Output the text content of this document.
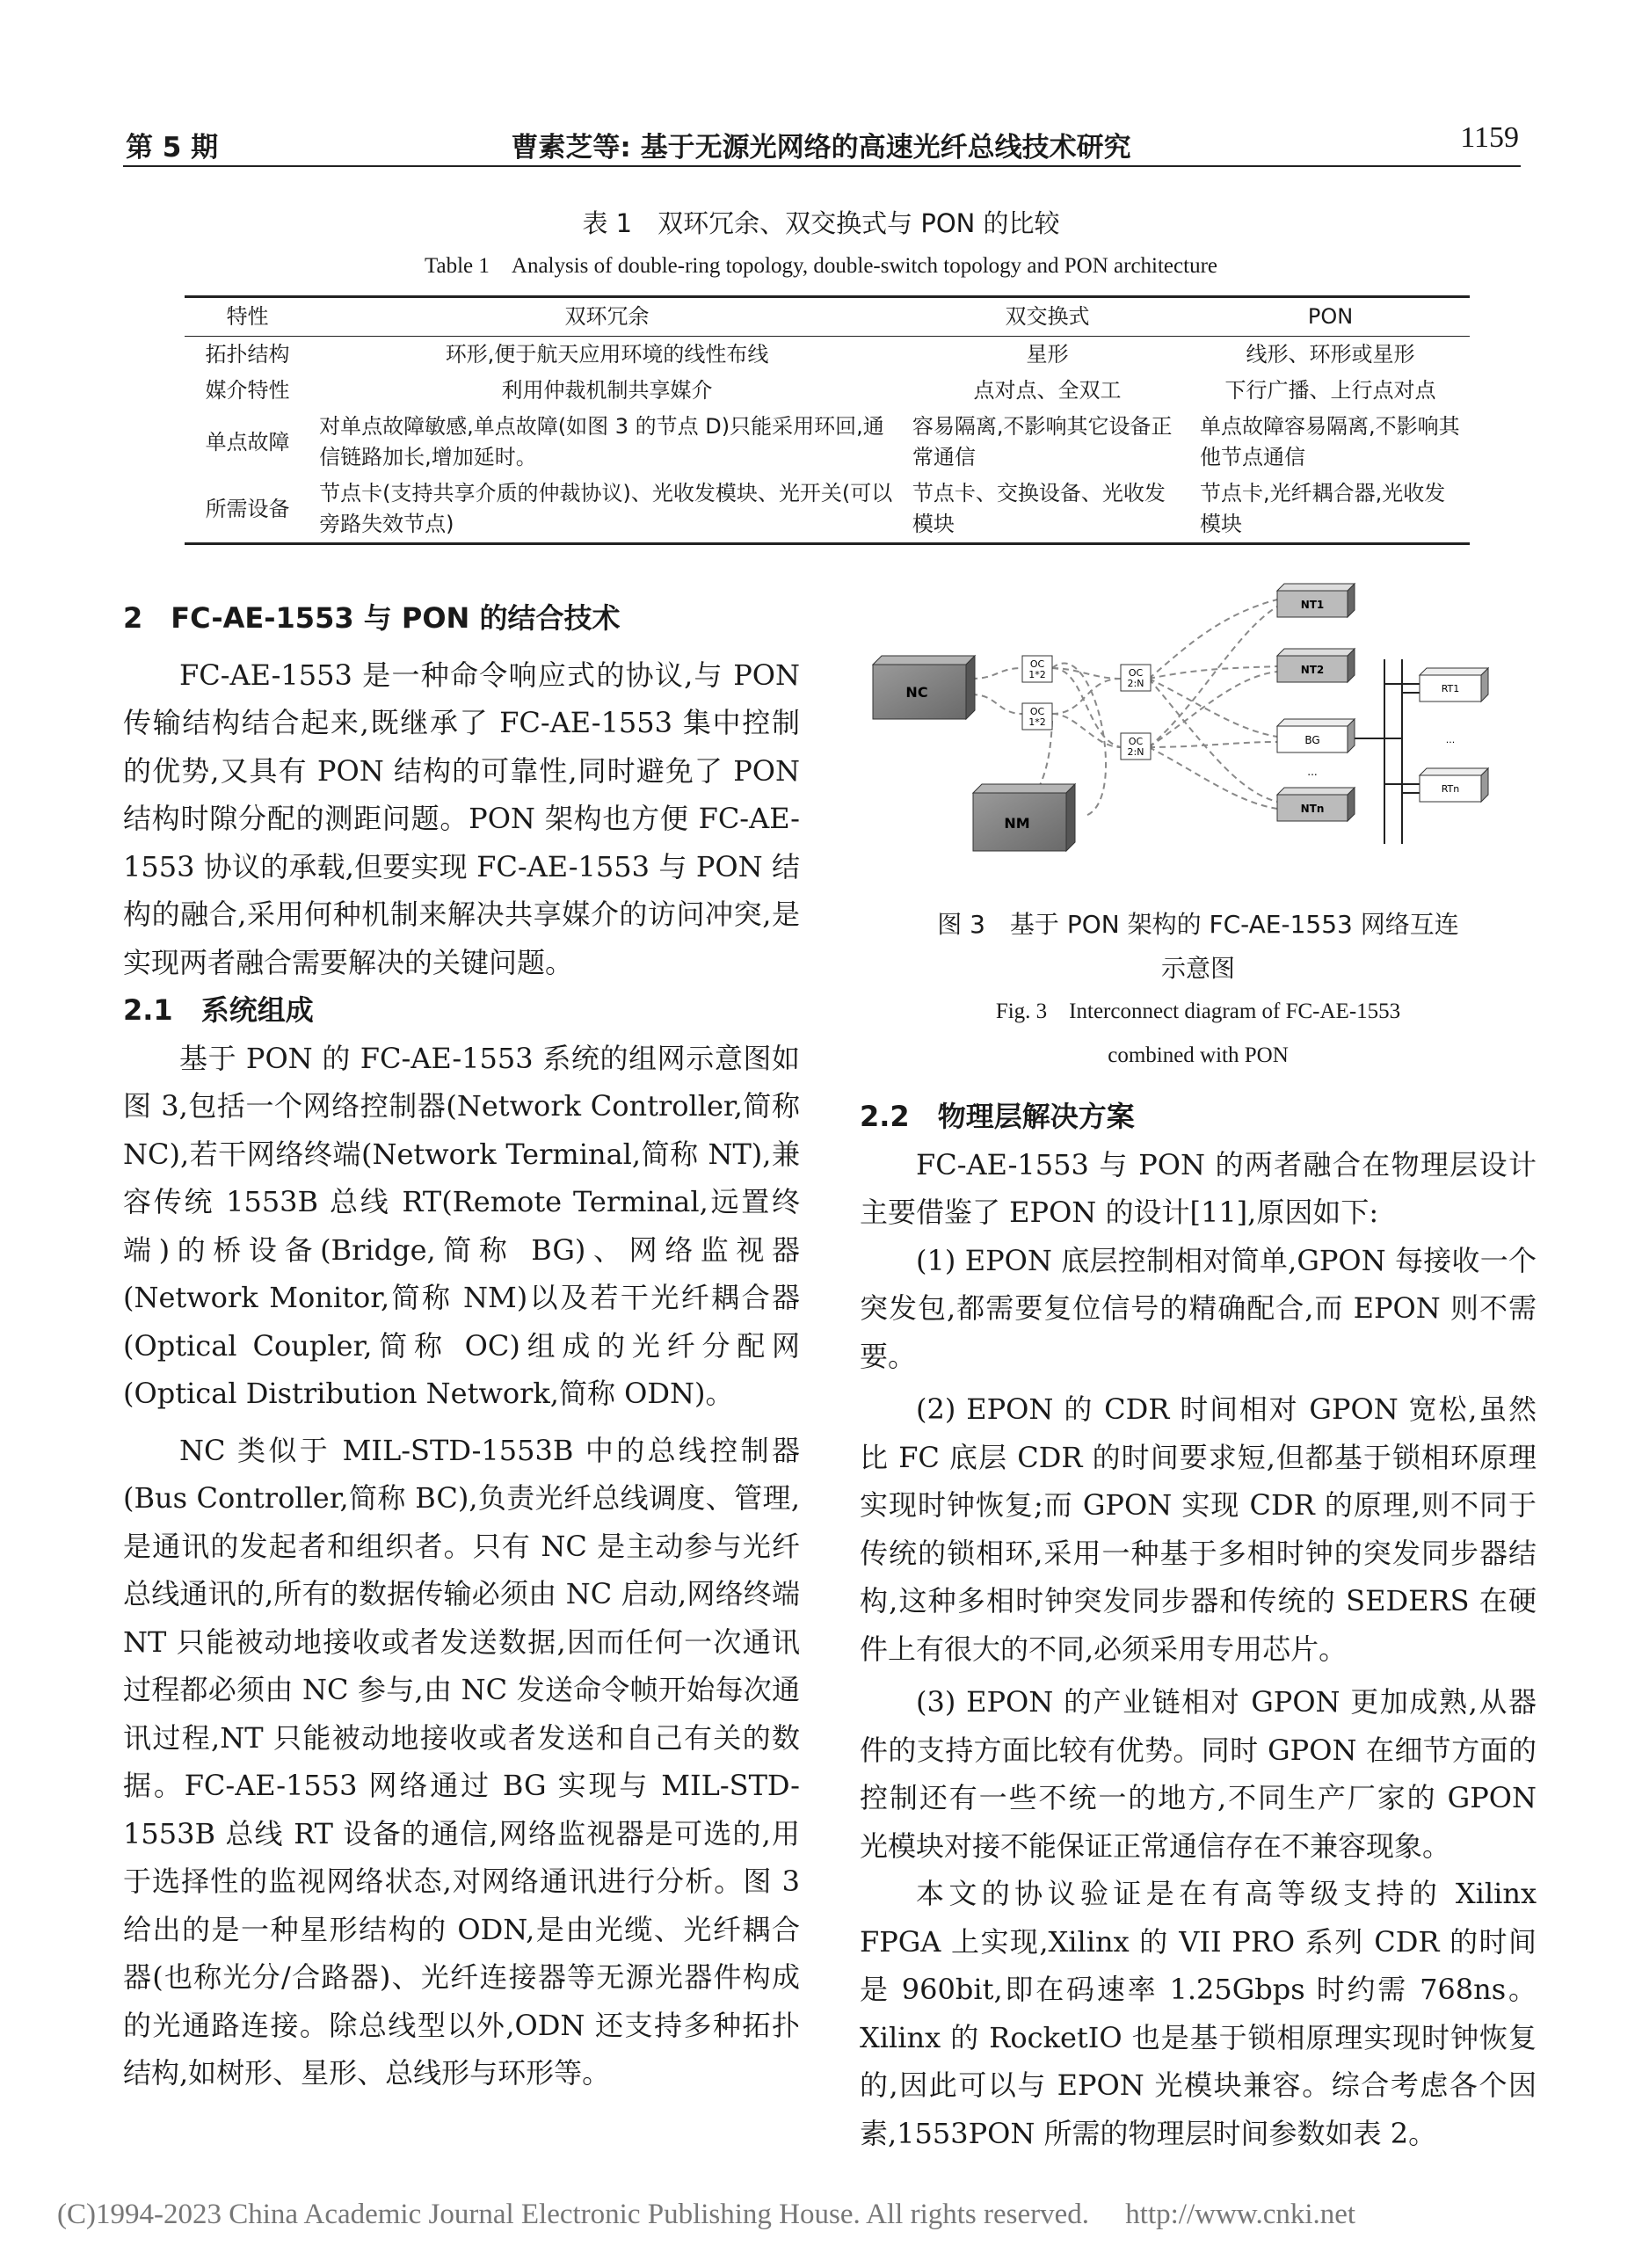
第 5 期	曹素芝等: 基于无源光网络的高速光纤总线技术研究	1159
表 1　双环冗余、双交换式与 PON 的比较
Table 1　Analysis of double-ring topology, double-switch topology and PON architecture
特性	双环冗余	双交换式	PON
拓扑结构	环形,便于航天应用环境的线性布线	星形	线形、环形或星形
媒介特性	利用仲裁机制共享媒介	点对点、全双工	下行广播、上行点对点
单点故障	对单点故障敏感,单点故障(如图 3 的节点 D)只能采用环回,通信链路加长,增加延时。	容易隔离,不影响其它设备正常通信	单点故障容易隔离,不影响其他节点通信
所需设备	节点卡(支持共享介质的仲裁协议)、光收发模块、光开关(可以旁路失效节点)	节点卡、交换设备、光收发模块	节点卡,光纤耦合器,光收发模块
2　FC-AE-1553 与 PON 的结合技术

FC-AE-1553 是一种命令响应式的协议,与 PON 传输结构结合起来,既继承了 FC-AE-1553 集中控制的优势,又具有 PON 结构的可靠性,同时避免了 PON 结构时隙分配的测距问题。PON 架构也方便 FC-AE-1553 协议的承载,但要实现 FC-AE-1553 与 PON 结构的融合,采用何种机制来解决共享媒介的访问冲突,是实现两者融合需要解决的关键问题。

2.1　系统组成

基于 PON 的 FC-AE-1553 系统的组网示意图如图 3,包括一个网络控制器(Network Controller,简称 NC),若干网络终端(Network Terminal,简称 NT),兼容传统 1553B 总线 RT(Remote Terminal,远置终端)的桥设备(Bridge,简称 BG)、网络监视器(Network Monitor,简称 NM)以及若干光纤耦合器(Optical Coupler,简称 OC)组成的光纤分配网(Optical Distribution Network,简称 ODN)。

NC 类似于 MIL-STD-1553B 中的总线控制器(Bus Controller,简称 BC),负责光纤总线调度、管理,是通讯的发起者和组织者。只有 NC 是主动参与光纤总线通讯的,所有的数据传输必须由 NC 启动,网络终端 NT 只能被动地接收或者发送数据,因而任何一次通讯过程都必须由 NC 参与,由 NC 发送命令帧开始每次通讯过程,NT 只能被动地接收或者发送和自己有关的数据。FC-AE-1553 网络通过 BG 实现与 MIL-STD-1553B 总线 RT 设备的通信,网络监视器是可选的,用于选择性的监视网络状态,对网络通讯进行分析。图 3 给出的是一种星形结构的 ODN,是由光缆、光纤耦合器(也称光分/合路器)、光纤连接器等无源光器件构成的光通路连接。除总线型以外,ODN 还支持多种拓扑结构,如树形、星形、总线形与环形等。

NC
NM
OC
1*2
OC
1*2
OC
2:N
OC
2:N
NT1
NT2
BG
...
NTn
RT1
...
RTn
图 3　基于 PON 架构的 FC-AE-1553 网络互连
示意图
Fig. 3　Interconnect diagram of FC-AE-1553
combined with PON
2.2　物理层解决方案

FC-AE-1553 与 PON 的两者融合在物理层设计主要借鉴了 EPON 的设计[11],原因如下:

(1) EPON 底层控制相对简单,GPON 每接收一个突发包,都需要复位信号的精确配合,而 EPON 则不需要。

(2) EPON 的 CDR 时间相对 GPON 宽松,虽然比 FC 底层 CDR 的时间要求短,但都基于锁相环原理实现时钟恢复;而 GPON 实现 CDR 的原理,则不同于传统的锁相环,采用一种基于多相时钟的突发同步器结构,这种多相时钟突发同步器和传统的 SEDERS 在硬件上有很大的不同,必须采用专用芯片。

(3) EPON 的产业链相对 GPON 更加成熟,从器件的支持方面比较有优势。同时 GPON 在细节方面的控制还有一些不统一的地方,不同生产厂家的 GPON 光模块对接不能保证正常通信存在不兼容现象。

本文的协议验证是在有高等级支持的 Xilinx FPGA 上实现,Xilinx 的 VII PRO 系列 CDR 的时间是 960bit,即在码速率 1.25Gbps 时约需 768ns。Xilinx 的 RocketIO 也是基于锁相原理实现时钟恢复的,因此可以与 EPON 光模块兼容。综合考虑各个因素,1553PON 所需的物理层时间参数如表 2。

(C)1994-2023 China Academic Journal Electronic Publishing House. All rights reserved.　 http://www.cnki.net
